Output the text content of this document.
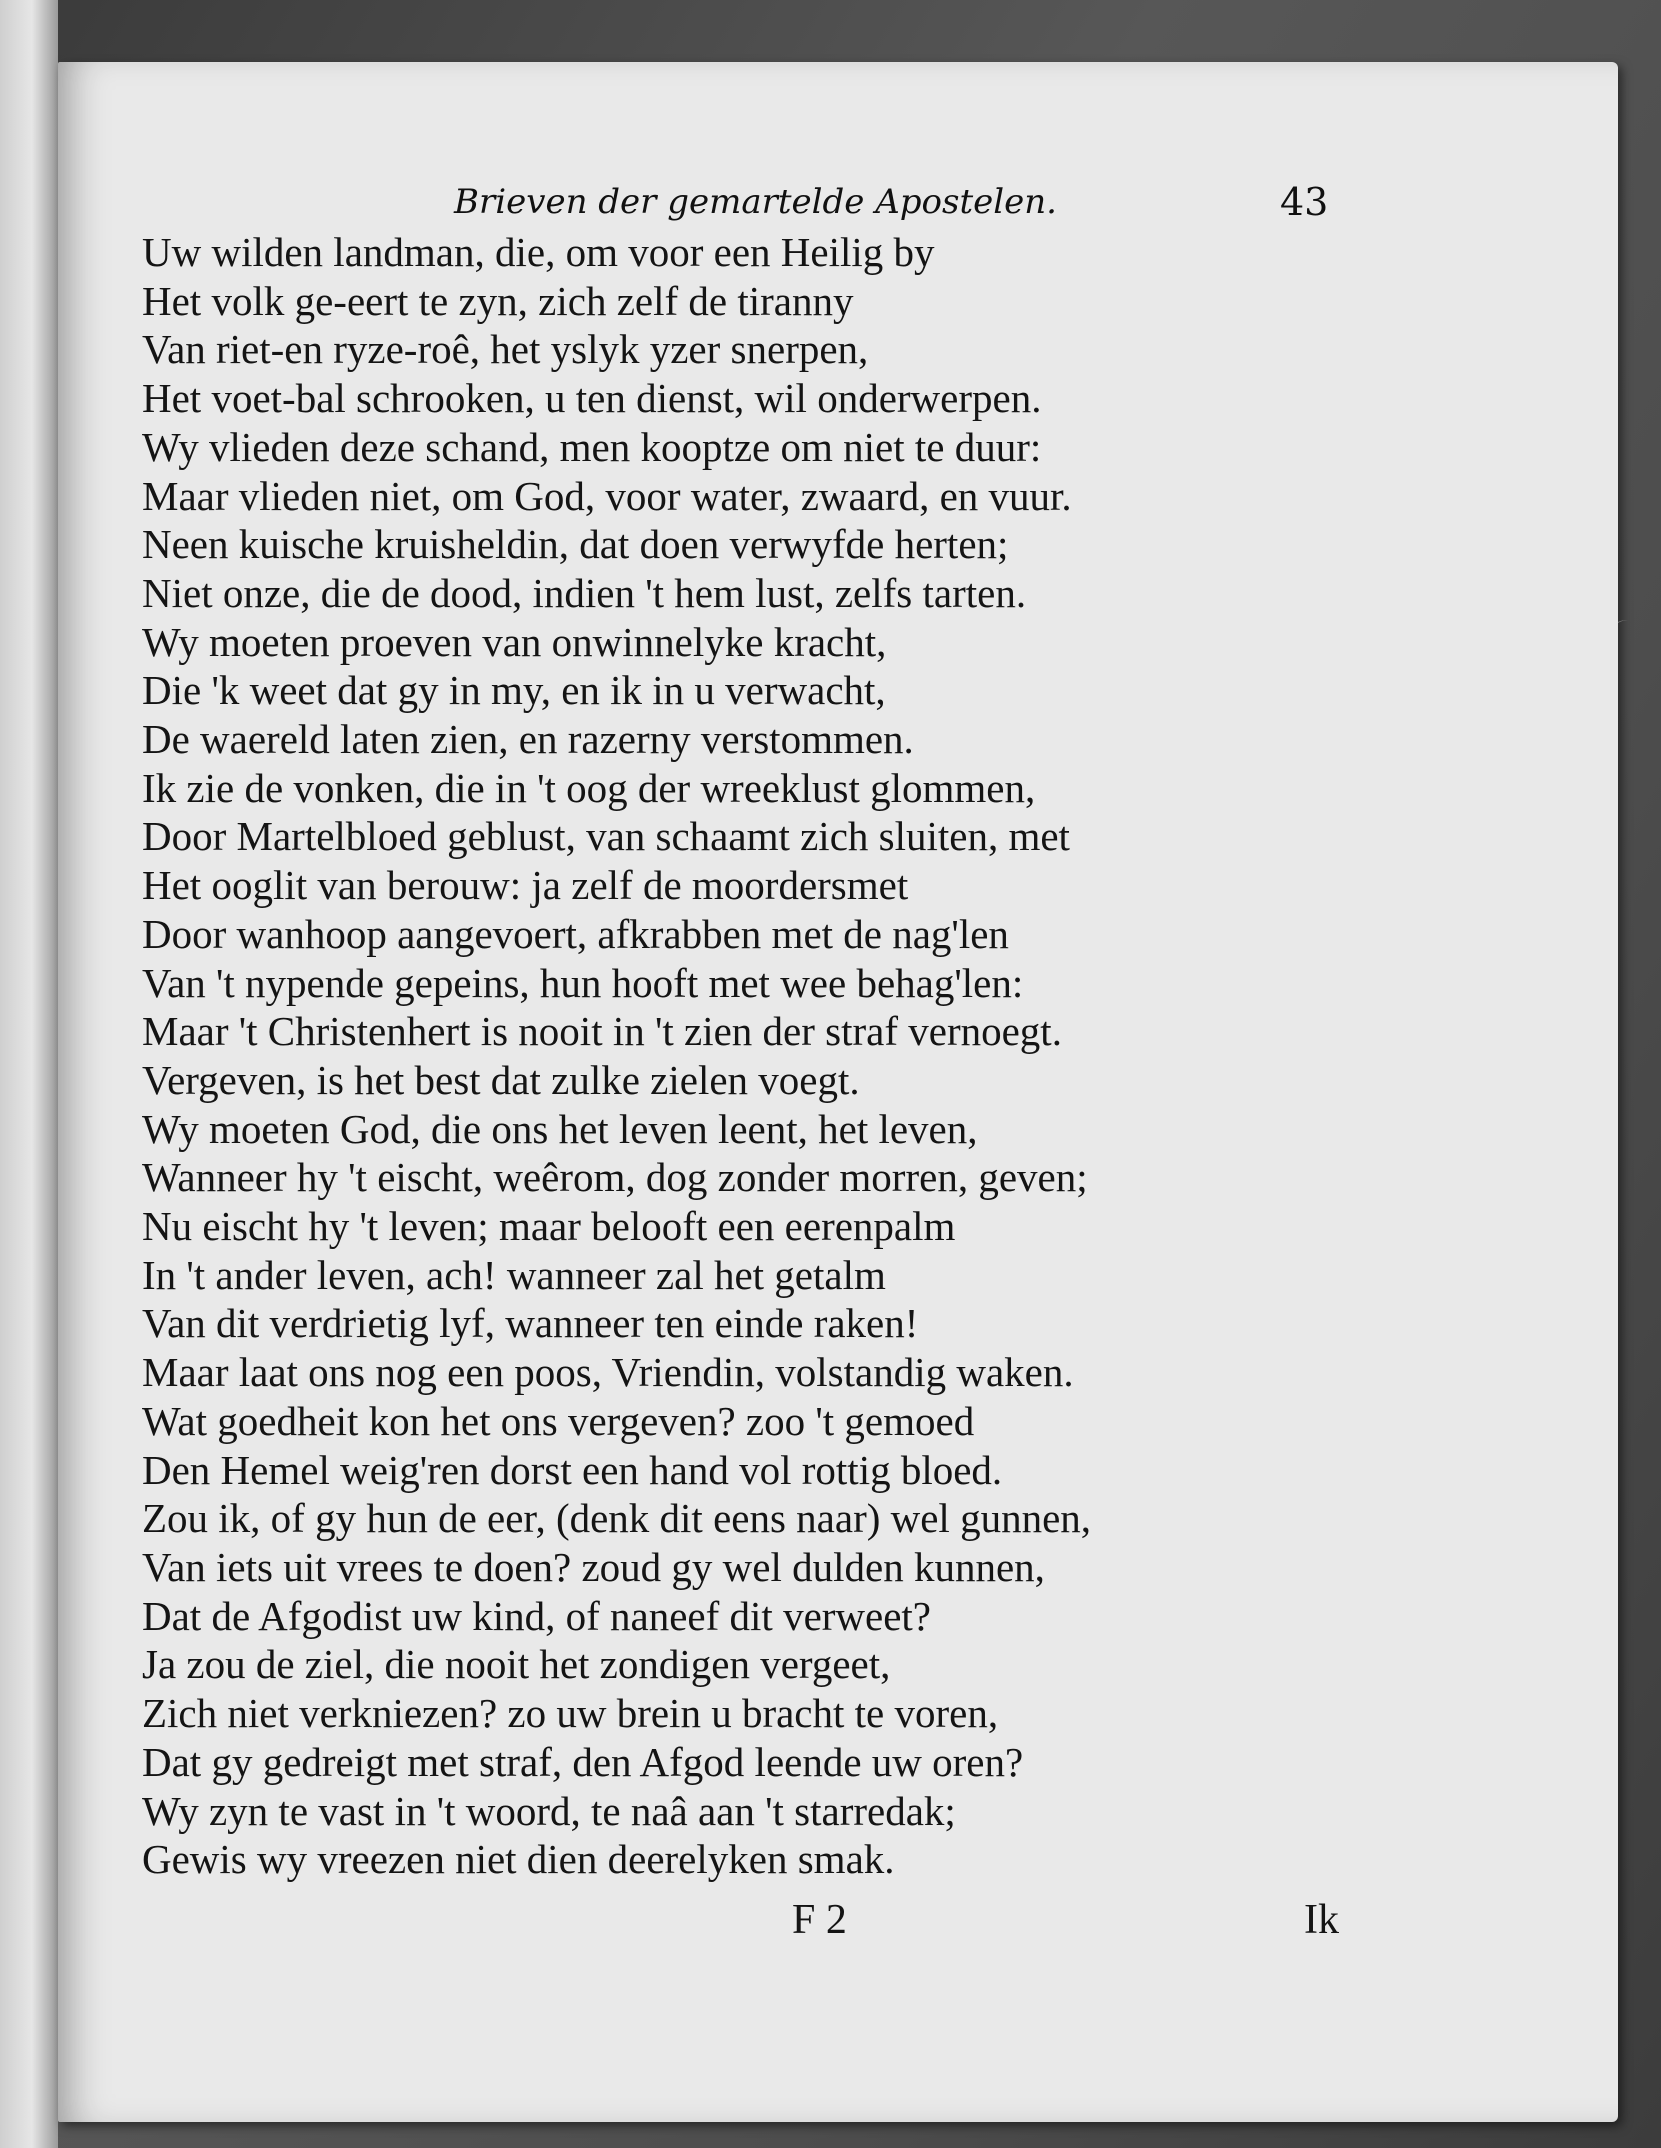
Brieven der gemartelde Apostelen.	43
Uw wilden landman, die, om voor een Heilig by
Het volk ge-eert te zyn, zich zelf de tiranny
Van riet-en ryze-roê, het yslyk yzer snerpen,
Het voet-bal schrooken, u ten dienst, wil onderwerpen.
Wy vlieden deze schand, men kooptze om niet te duur:
Maar vlieden niet, om God, voor water, zwaard, en vuur.
Neen kuische kruisheldin, dat doen verwyfde herten;
Niet onze, die de dood, indien 't hem lust, zelfs tarten.
Wy moeten proeven van onwinnelyke kracht,
Die 'k weet dat gy in my, en ik in u verwacht,
De waereld laten zien, en razerny verstommen.
Ik zie de vonken, die in 't oog der wreeklust glommen,
Door Martelbloed geblust, van schaamt zich sluiten, met
Het ooglit van berouw: ja zelf de moordersmet
Door wanhoop aangevoert, afkrabben met de nag'len
Van 't nypende gepeins, hun hooft met wee behag'len:
Maar 't Christenhert is nooit in 't zien der straf vernoegt.
Vergeven, is het best dat zulke zielen voegt.
Wy moeten God, die ons het leven leent, het leven,
Wanneer hy 't eischt, weêrom, dog zonder morren, geven;
Nu eischt hy 't leven; maar belooft een eerenpalm
In 't ander leven, ach! wanneer zal het getalm
Van dit verdrietig lyf, wanneer ten einde raken!
Maar laat ons nog een poos, Vriendin, volstandig waken.
Wat goedheit kon het ons vergeven? zoo 't gemoed
Den Hemel weig'ren dorst een hand vol rottig bloed.
Zou ik, of gy hun de eer, (denk dit eens naar) wel gunnen,
Van iets uit vrees te doen? zoud gy wel dulden kunnen,
Dat de Afgodist uw kind, of naneef dit verweet?
Ja zou de ziel, die nooit het zondigen vergeet,
Zich niet verkniezen? zo uw brein u bracht te voren,
Dat gy gedreigt met straf, den Afgod leende uw oren?
Wy zyn te vast in 't woord, te naâ aan 't starredak;
Gewis wy vreezen niet dien deerelyken smak.
F 2	Ik
